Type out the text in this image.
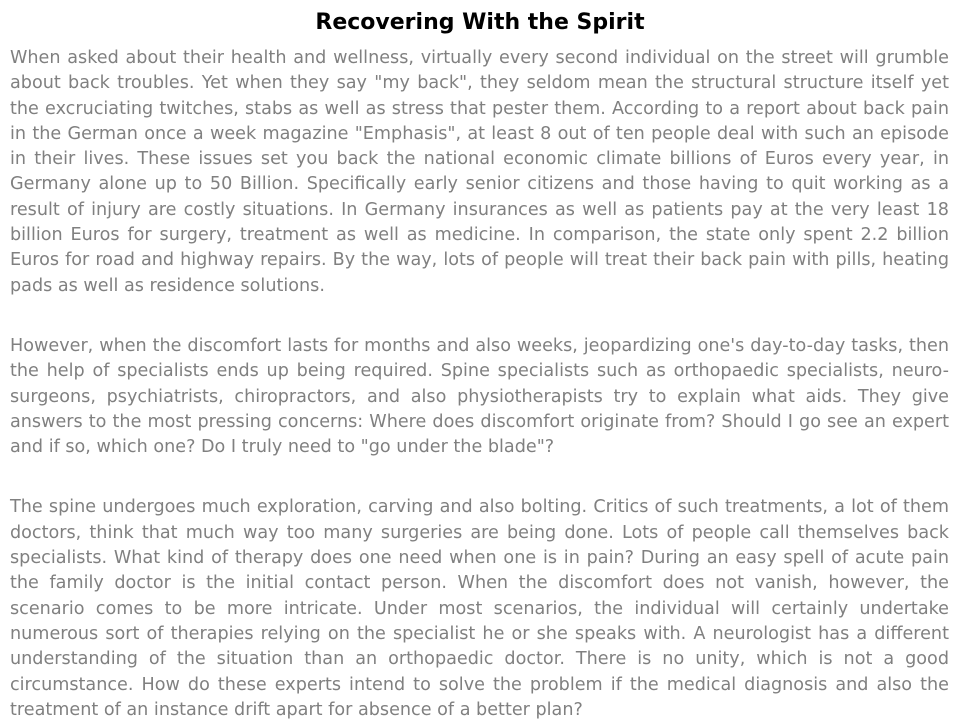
Recovering With the Spirit

When asked about their health and wellness, virtually every second individual on the street will grumble about back troubles. Yet when they say "my back", they seldom mean the structural structure itself yet the excruciating twitches, stabs as well as stress that pester them. According to a report about back pain in the German once a week magazine "Emphasis", at least 8 out of ten people deal with such an episode in their lives. These issues set you back the national economic climate billions of Euros every year, in Germany alone up to 50 Billion. Specifically early senior citizens and those having to quit working as a result of injury are costly situations. In Germany insurances as well as patients pay at the very least 18 billion Euros for surgery, treatment as well as medicine. In comparison, the state only spent 2.2 billion Euros for road and highway repairs. By the way, lots of people will treat their back pain with pills, heating pads as well as residence solutions.

However, when the discomfort lasts for months and also weeks, jeopardizing one's day-to-day tasks, then the help of specialists ends up being required. Spine specialists such as orthopaedic specialists, neuro-surgeons, psychiatrists, chiropractors, and also physiotherapists try to explain what aids. They give answers to the most pressing concerns: Where does discomfort originate from? Should I go see an expert and if so, which one? Do I truly need to "go under the blade"?

The spine undergoes much exploration, carving and also bolting. Critics of such treatments, a lot of them doctors, think that much way too many surgeries are being done. Lots of people call themselves back specialists. What kind of therapy does one need when one is in pain? During an easy spell of acute pain the family doctor is the initial contact person. When the discomfort does not vanish, however, the scenario comes to be more intricate. Under most scenarios, the individual will certainly undertake numerous sort of therapies relying on the specialist he or she speaks with. A neurologist has a different understanding of the situation than an orthopaedic doctor. There is no unity, which is not a good circumstance. How do these experts intend to solve the problem if the medical diagnosis and also the treatment of an instance drift apart for absence of a better plan?
